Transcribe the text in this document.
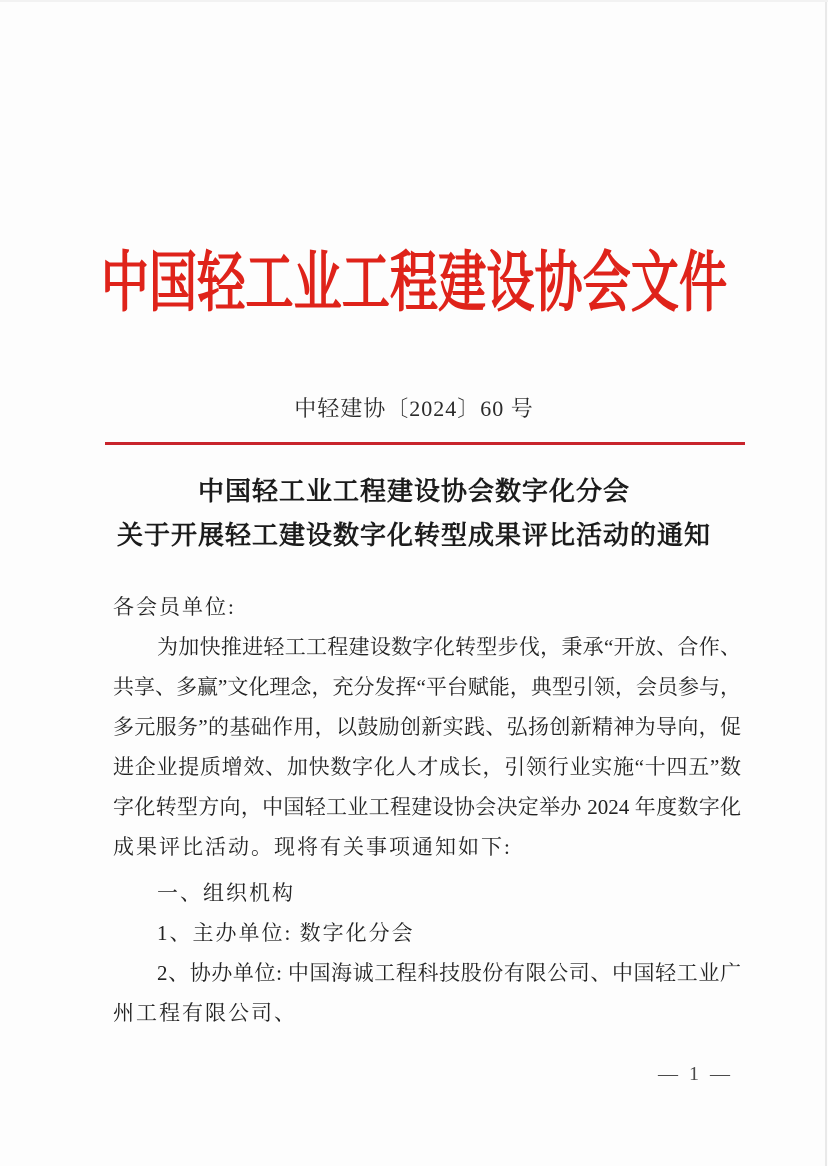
中国轻工业工程建设协会文件
中轻建协〔2024〕60 号
中国轻工业工程建设协会数字化分会
关于开展轻工建设数字化转型成果评比活动的通知
各会员单位:
为加快推进轻工工程建设数字化转型步伐，秉承“开放、合作、
共享、多赢”文化理念，充分发挥“平台赋能，典型引领，会员参与，
多元服务”的基础作用，以鼓励创新实践、弘扬创新精神为导向，促
进企业提质增效、加快数字化人才成长，引领行业实施“十四五”数
字化转型方向，中国轻工业工程建设协会决定举办 2024 年度数字化
成果评比活动。现将有关事项通知如下:
一、组织机构
1、主办单位: 数字化分会
2、协办单位: 中国海诚工程科技股份有限公司、中国轻工业广
州工程有限公司、
— 1 —
